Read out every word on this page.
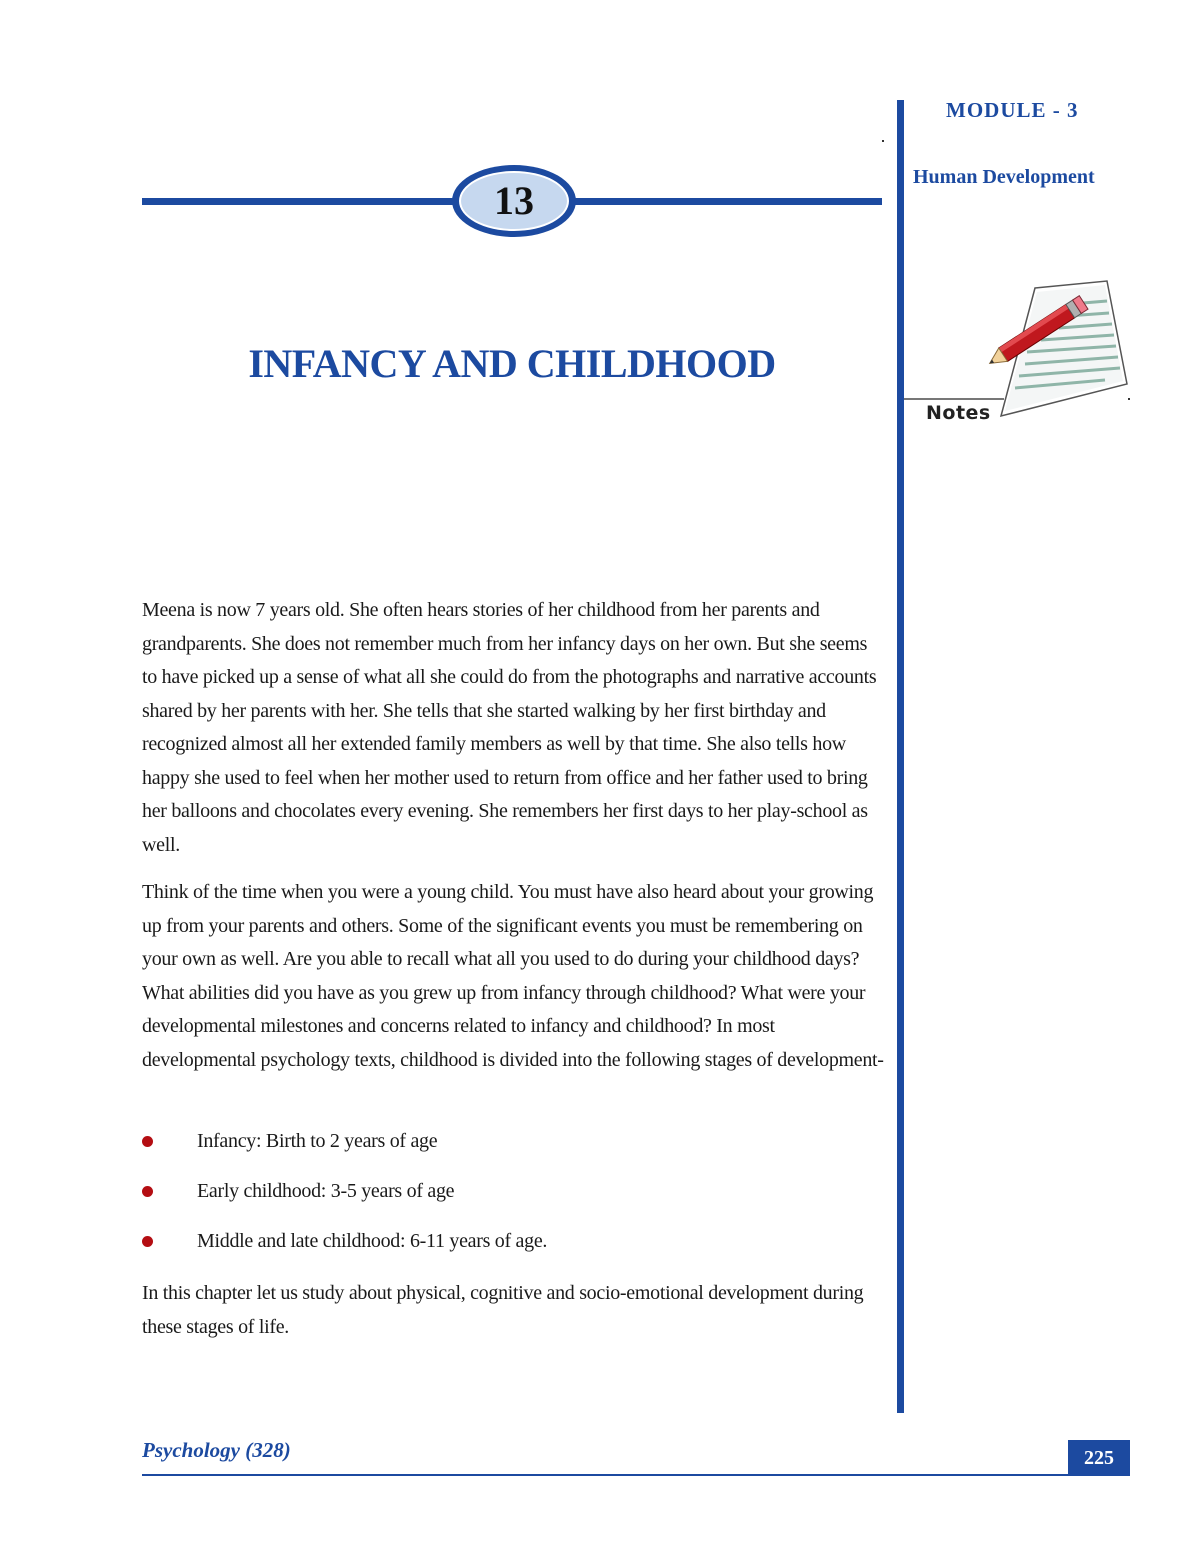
13
INFANCY AND CHILDHOOD
MODULE - 3
Human Development
Notes

Meena is now 7 years old. She often hears stories of her childhood from her parents and grandparents. She does not remember much from her infancy days on her own. But she seems to have picked up a sense of what all she could do from the photographs and narrative accounts shared by her parents with her. She tells that she started walking by her first birthday and recognized almost all her extended family members as well by that time. She also tells how happy she used to feel when her mother used to return from office and her father used to bring her balloons and chocolates every evening. She remembers her first days to her play-school as well.

Think of the time when you were a young child. You must have also heard about your growing up from your parents and others. Some of the significant events you must be remembering on your own as well. Are you able to recall what all you used to do during your childhood days? What abilities did you have as you grew up from infancy through childhood? What were your developmental milestones and concerns related to infancy and childhood? In most developmental psychology texts, childhood is divided into the following stages of development-

Infancy: Birth to 2 years of age
Early childhood: 3-5 years of age
Middle and late childhood: 6-11 years of age.

In this chapter let us study about physical, cognitive and socio-emotional development during these stages of life.

Psychology (328)	225
